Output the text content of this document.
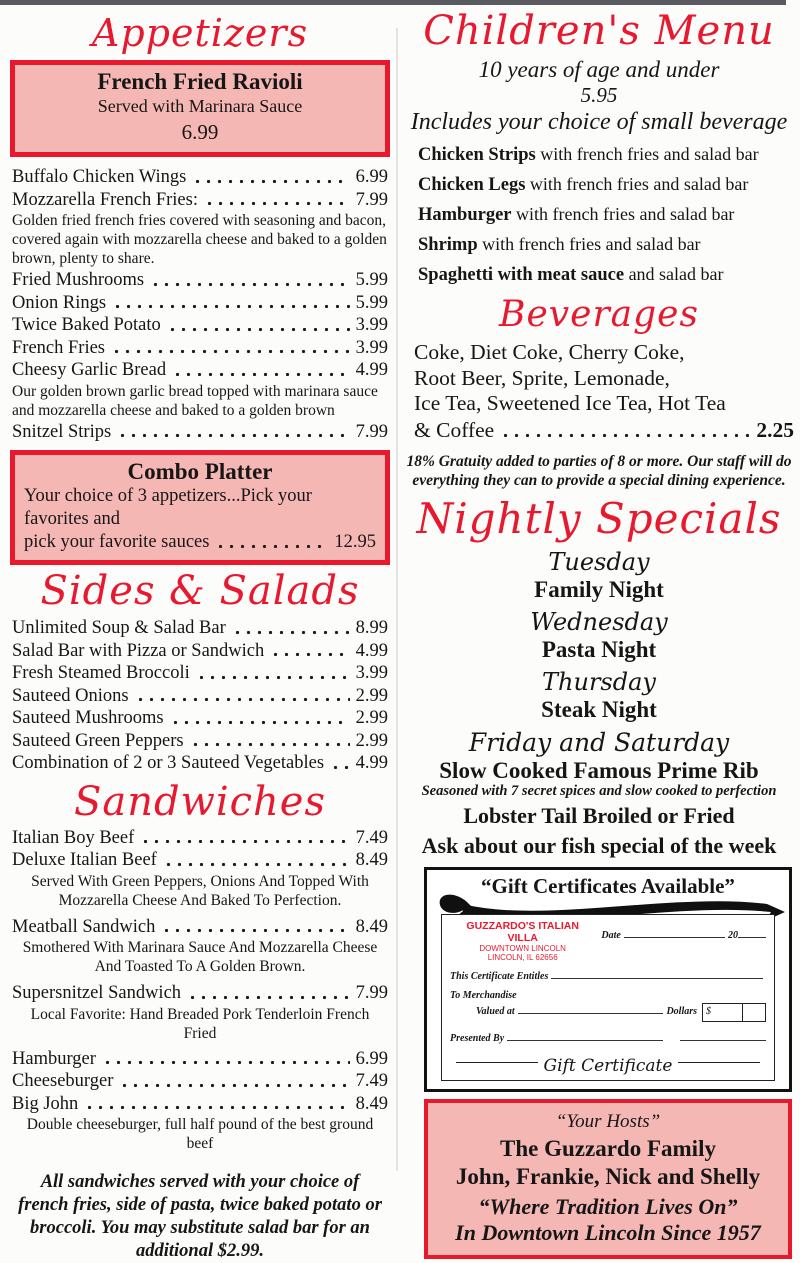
Appetizers
French Fried Ravioli
Served with Marinara Sauce
6.99
Buffalo Chicken Wings	6.99
Mozzarella French Fries:	7.99
Golden fried french fries covered with seasoning and bacon, covered again with mozzarella cheese and baked to a golden brown, plenty to share.
Fried Mushrooms	5.99
Onion Rings	5.99
Twice Baked Potato	3.99
French Fries	3.99
Cheesy Garlic Bread	4.99
Our golden brown garlic bread topped with marinara sauce and mozzarella cheese and baked to a golden brown
Snitzel Strips	7.99
Combo Platter
Your choice of 3 appetizers...Pick your favorites and
pick your favorite sauces	12.95
Sides & Salads
Unlimited Soup & Salad Bar	8.99
Salad Bar with Pizza or Sandwich	4.99
Fresh Steamed Broccoli	3.99
Sauteed Onions	2.99
Sauteed Mushrooms	2.99
Sauteed Green Peppers	2.99
Combination of 2 or 3 Sauteed Vegetables 4.99
Sandwiches
Italian Boy Beef	7.49
Deluxe Italian Beef	8.49
Served With Green Peppers, Onions And Topped With Mozzarella Cheese And Baked To Perfection.
Meatball Sandwich	8.49
Smothered With Marinara Sauce And Mozzarella Cheese And Toasted To A Golden Brown.
Supersnitzel Sandwich	7.99
Local Favorite: Hand Breaded Pork Tenderloin French Fried
Hamburger	6.99
Cheeseburger	7.49
Big John	8.49
Double cheeseburger, full half pound of the best ground beef
All sandwiches served with your choice of french fries, side of pasta, twice baked potato or broccoli. You may substitute salad bar for an additional $2.99.
Children's Menu
10 years of age and under
5.95
Includes your choice of small beverage
Chicken Strips with french fries and salad bar
Chicken Legs with french fries and salad bar
Hamburger with french fries and salad bar
Shrimp with french fries and salad bar
Spaghetti with meat sauce and salad bar
Beverages
Coke, Diet Coke, Cherry Coke,
Root Beer, Sprite, Lemonade,
Ice Tea, Sweetened Ice Tea, Hot Tea
& Coffee	2.25
18% Gratuity added to parties of 8 or more. Our staff will do
everything they can to provide a special dining experience.
Nightly Specials
Tuesday
Family Night
Wednesday
Pasta Night
Thursday
Steak Night
Friday and Saturday
Slow Cooked Famous Prime Rib
Seasoned with 7 secret spices and slow cooked to perfection
Lobster Tail Broiled or Fried
Ask about our fish special of the week
“Gift Certificates Available”
GUZZARDO'S ITALIAN VILLA
DOWNTOWN LINCOLN
LINCOLN, IL 62656
Date	20
This Certificate Entitles
To Merchandise
Valued at	Dollars $
Presented By
Gift Certificate
“Your Hosts”
The Guzzardo Family
John, Frankie, Nick and Shelly
“Where Tradition Lives On”
In Downtown Lincoln Since 1957
